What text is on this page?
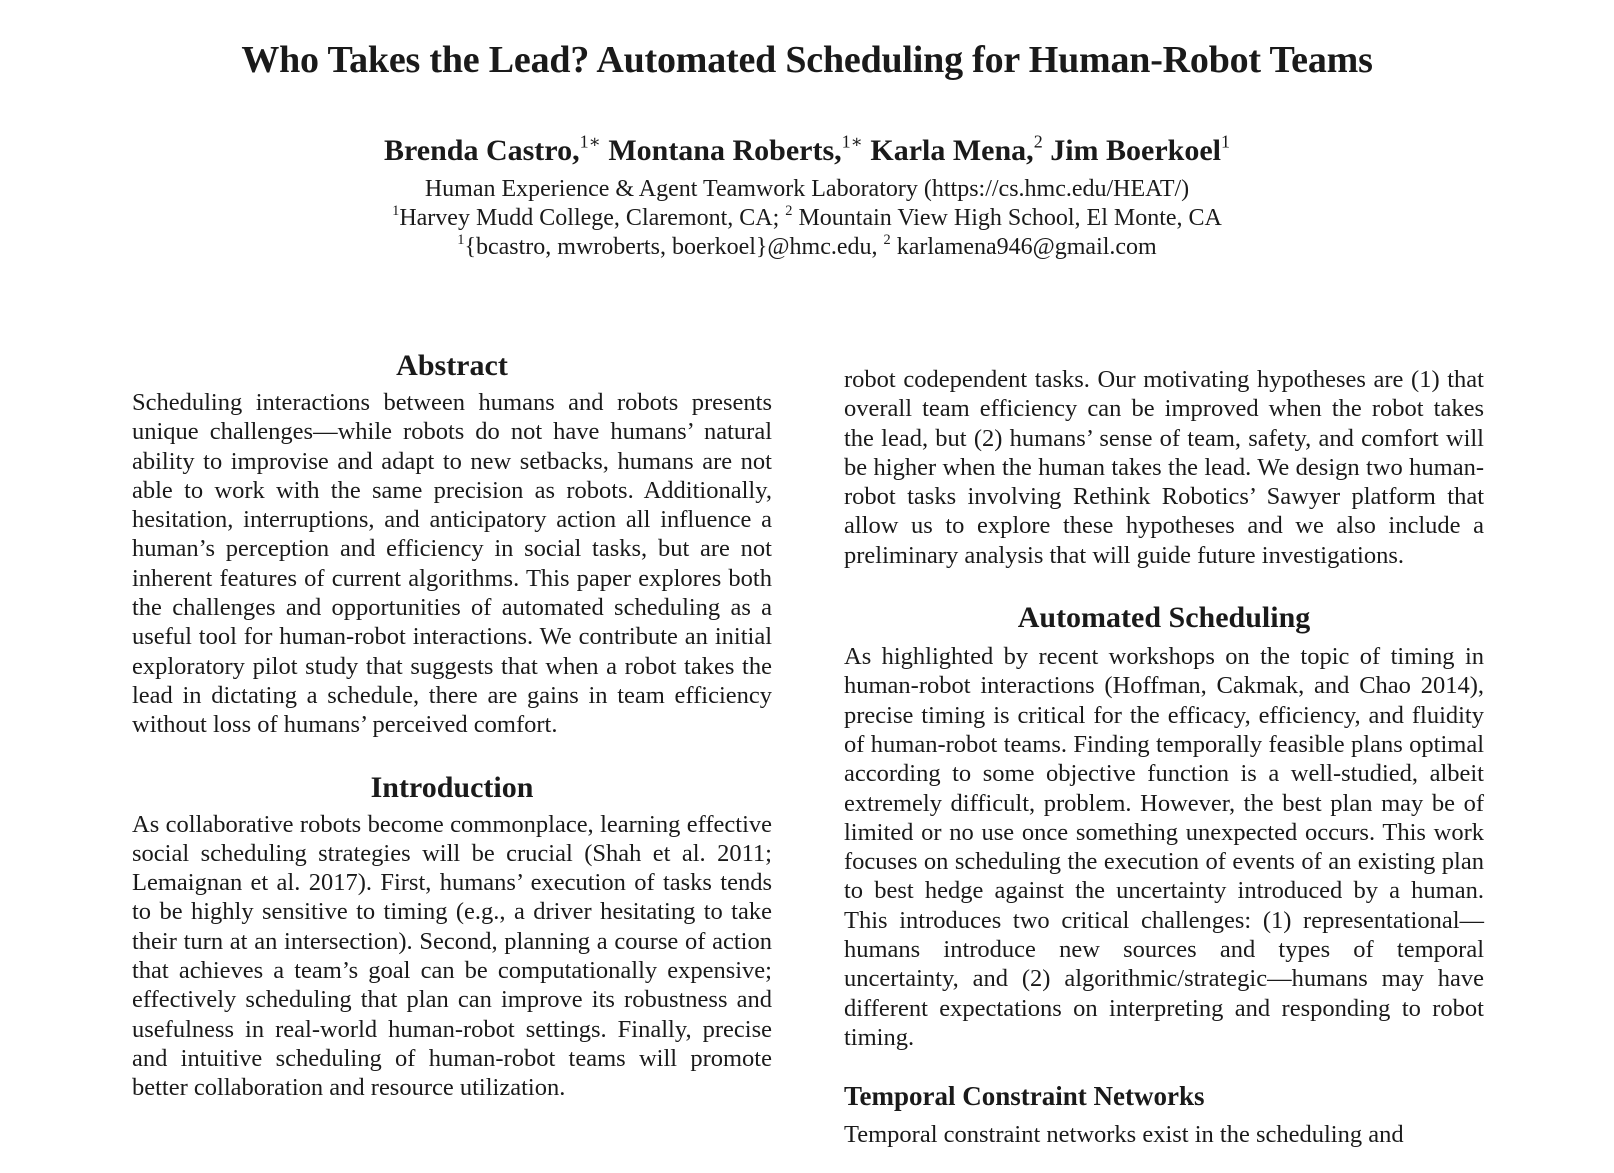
Who Takes the Lead? Automated Scheduling for Human-Robot Teams
Brenda Castro,$^{1∗}$ Montana Roberts,$^{1∗}$ Karla Mena,$^2$ Jim Boerkoel$^1$

Human Experience & Agent Teamwork Laboratory (https://cs.hmc.edu/HEAT/)

$^1$Harvey Mudd College, Claremont, CA; $^2$ Mountain View High School, El Monte, CA

$^1${bcastro, mwroberts, boerkoel}@hmc.edu, $^2$ karlamena946@gmail.com

Abstract

Scheduling interactions between humans and robots presents unique challenges—while robots do not have humans’ natural ability to improvise and adapt to new setbacks, humans are not able to work with the same precision as robots. Additionally, hesitation, interruptions, and anticipatory action all influence a human’s perception and efficiency in social tasks, but are not inherent features of current algorithms. This paper explores both the challenges and opportunities of automated scheduling as a useful tool for human-robot interactions. We contribute an initial exploratory pilot study that suggests that when a robot takes the lead in dictating a schedule, there are gains in team efficiency without loss of humans’ perceived comfort.

Introduction

As collaborative robots become commonplace, learning effective social scheduling strategies will be crucial (Shah et al. 2011; Lemaignan et al. 2017). First, humans’ execution of tasks tends to be highly sensitive to timing (e.g., a driver hesitating to take their turn at an intersection). Second, planning a course of action that achieves a team’s goal can be computationally expensive; effectively scheduling that plan can improve its robustness and usefulness in real-world human-robot settings. Finally, precise and intuitive scheduling of human-robot teams will promote better collaboration and resource utilization.

robot codependent tasks. Our motivating hypotheses are (1) that overall team efficiency can be improved when the robot takes the lead, but (2) humans’ sense of team, safety, and comfort will be higher when the human takes the lead. We design two human-robot tasks involving Rethink Robotics’ Sawyer platform that allow us to explore these hypotheses and we also include a preliminary analysis that will guide future investigations.

Automated Scheduling

As highlighted by recent workshops on the topic of timing in human-robot interactions (Hoffman, Cakmak, and Chao 2014), precise timing is critical for the efficacy, efficiency, and fluidity of human-robot teams. Finding temporally feasible plans optimal according to some objective function is a well-studied, albeit extremely difficult, problem. However, the best plan may be of limited or no use once something unexpected occurs. This work focuses on scheduling the execution of events of an existing plan to best hedge against the uncertainty introduced by a human. This introduces two critical challenges: (1) representational—humans introduce new sources and types of temporal uncertainty, and (2) algorithmic/strategic—humans may have different expectations on interpreting and responding to robot timing.

Temporal Constraint Networks

Temporal constraint networks exist in the scheduling and
